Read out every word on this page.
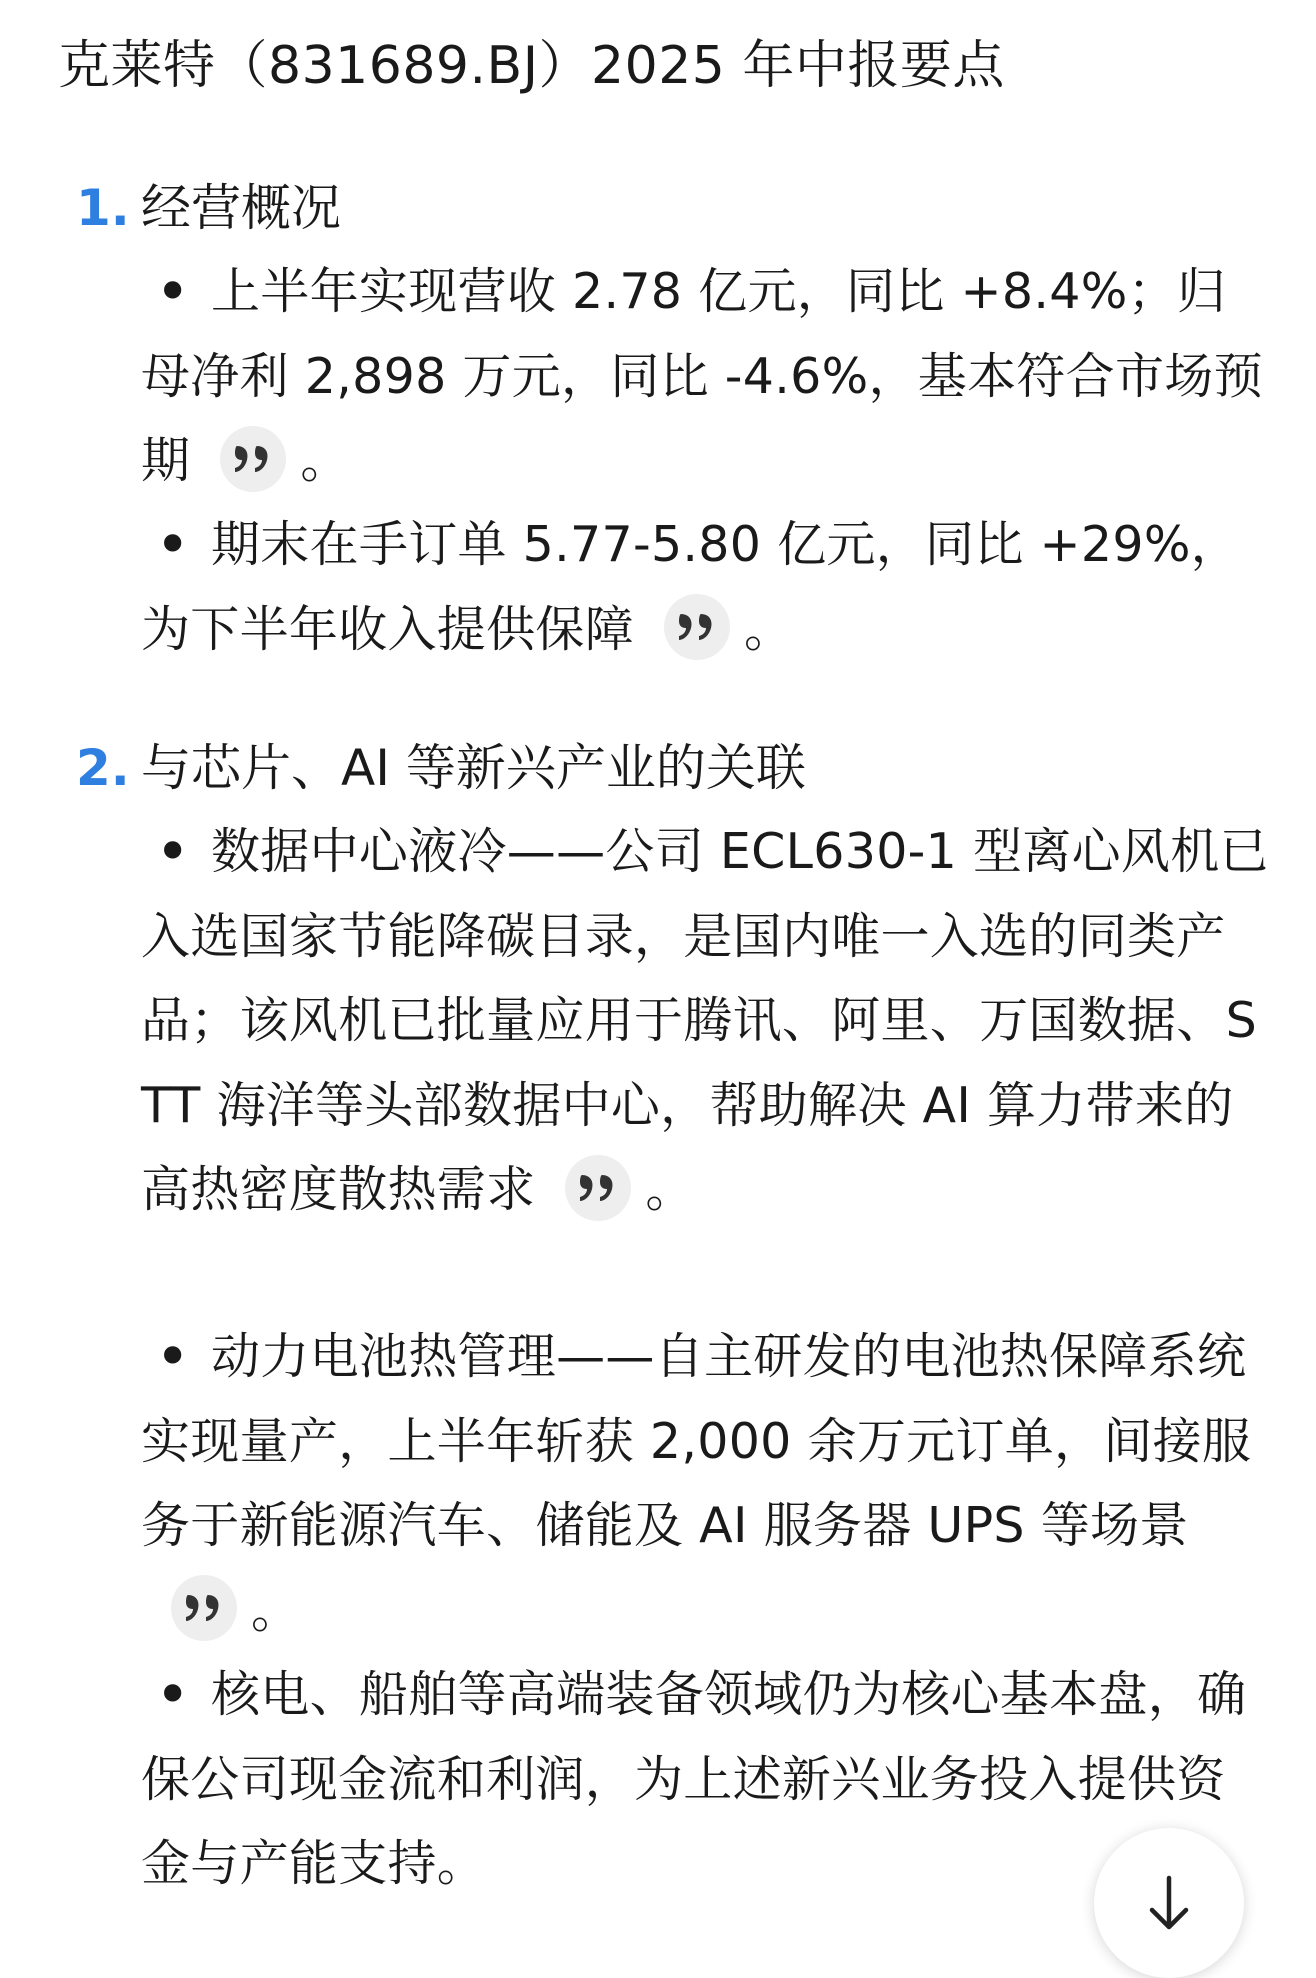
克莱特（831689.BJ）2025 年中报要点
1. 经营概况
• 上半年实现营收 2.78 亿元，同比 +8.4%；归母净利 2,898 万元，同比 -4.6%，基本符合市场预期 。
• 期末在手订单 5.77-5.80 亿元，同比 +29%，为下半年收入提供保障 。
2. 与芯片、AI 等新兴产业的关联
• 数据中心液冷——公司 ECL630-1 型离心风机已入选国家节能降碳目录，是国内唯一入选的同类产品；该风机已批量应用于腾讯、阿里、万国数据、STT 海洋等头部数据中心，帮助解决 AI 算力带来的高热密度散热需求 。
• 动力电池热管理——自主研发的电池热保障系统实现量产，上半年斩获 2,000 余万元订单，间接服务于新能源汽车、储能及 AI 服务器 UPS 等场景
。
• 核电、船舶等高端装备领域仍为核心基本盘，确保公司现金流和利润，为上述新兴业务投入提供资金与产能支持。
